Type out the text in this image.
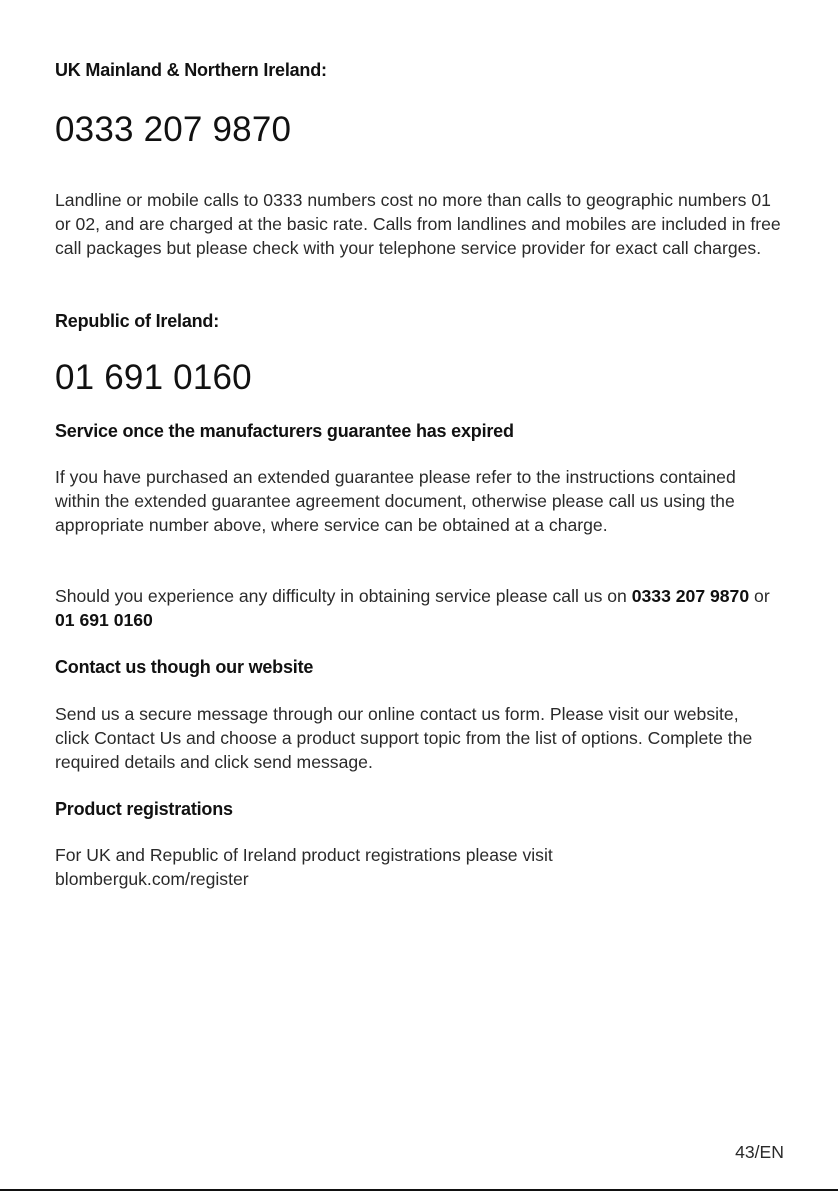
UK Mainland & Northern Ireland:
0333 207 9870

Landline or mobile calls to 0333 numbers cost no more than calls to geographic numbers 01 or 02, and are charged at the basic rate. Calls from landlines and mobiles are included in free call packages but please check with your telephone service provider for exact call charges.

Republic of Ireland:
01 691 0160
Service once the manufacturers guarantee has expired

If you have purchased an extended guarantee please refer to the instructions contained within the extended guarantee agreement document, otherwise please call us using the appropriate number above, where service can be obtained at a charge.

Should you experience any difficulty in obtaining service please call us on 0333 207 9870 or 01 691 0160

Contact us though our website

Send us a secure message through our online contact us form. Please visit our website, click Contact Us and choose a product support topic from the list of options. Complete the required details and click send message.

Product registrations

For UK and Republic of Ireland product registrations please visit
blomberguk.com/register

43/EN
